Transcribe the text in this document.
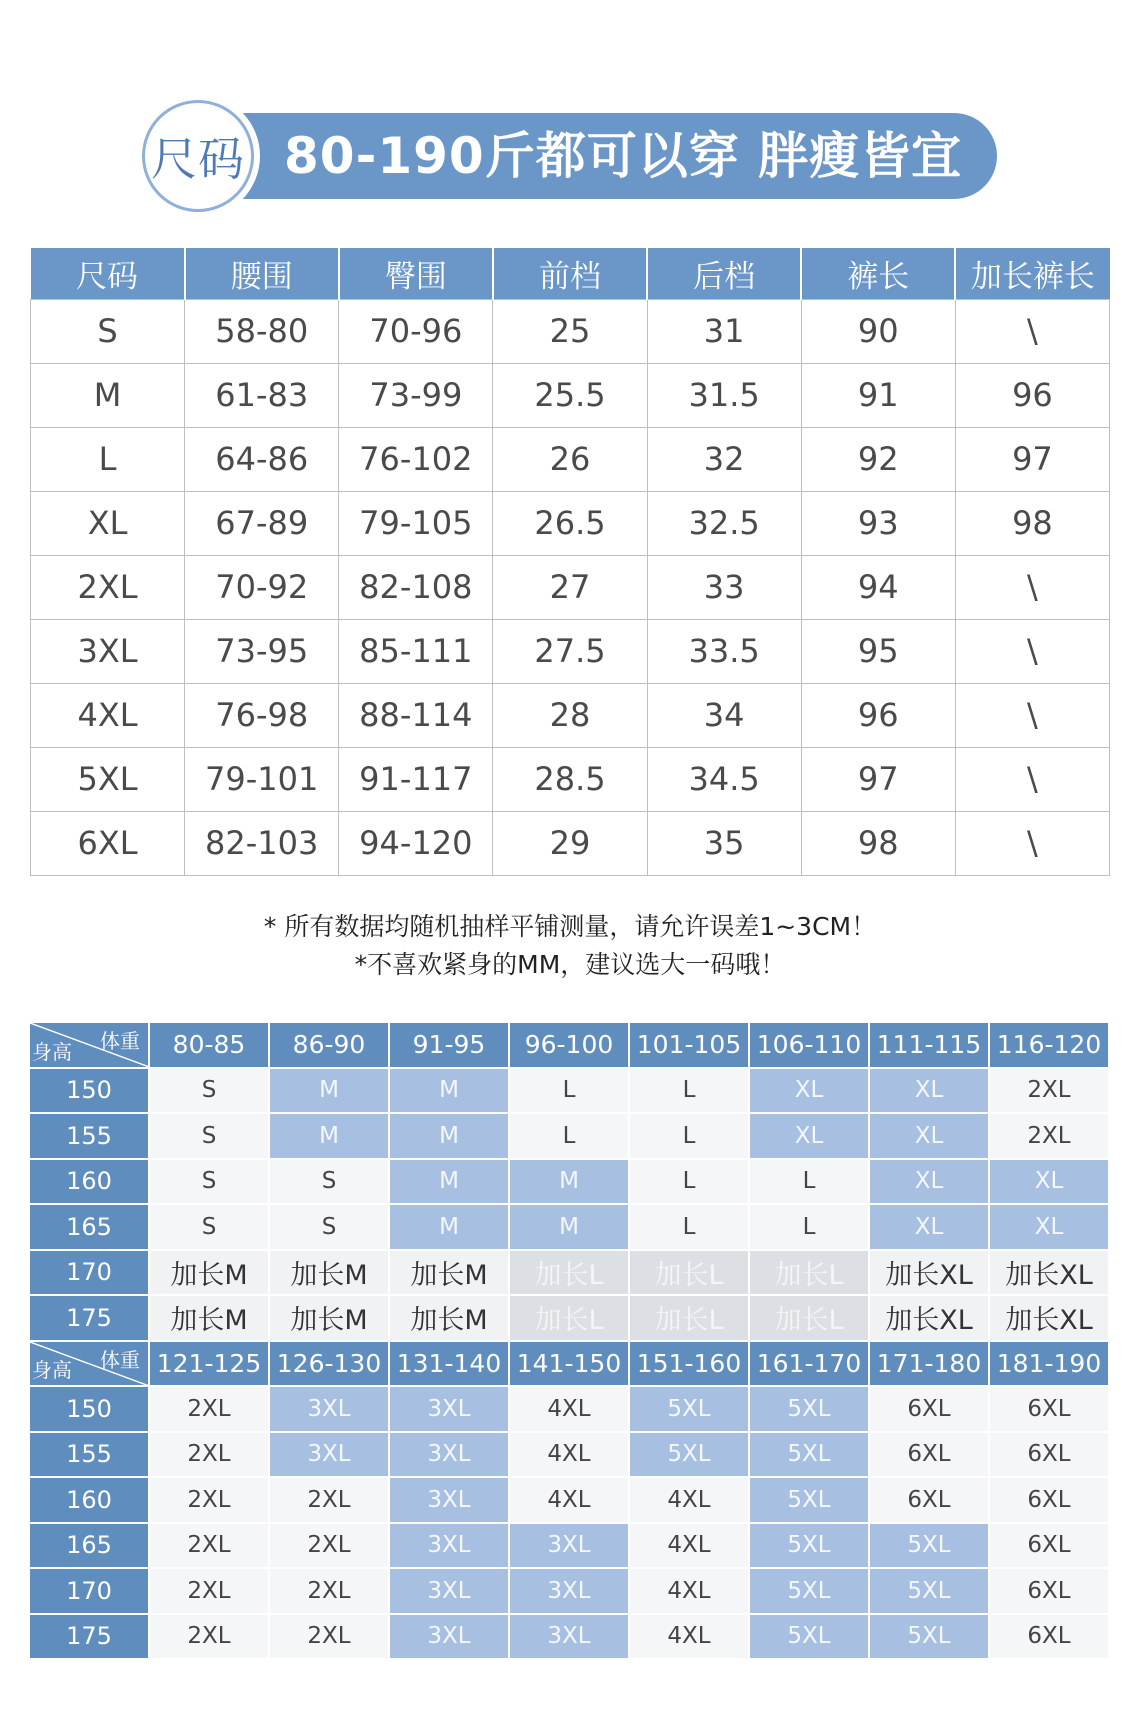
尺码 80-190斤都可以穿 胖瘦皆宜
尺码	腰围	臀围	前档	后档	裤长	加长裤长
S	58-80	70-96	25	31	90	\
M	61-83	73-99	25.5	31.5	91	96
L	64-86	76-102	26	32	92	97
XL	67-89	79-105	26.5	32.5	93	98
2XL	70-92	82-108	27	33	94	\
3XL	73-95	85-111	27.5	33.5	95	\
4XL	76-98	88-114	28	34	96	\
5XL	79-101	91-117	28.5	34.5	97	\
6XL	82-103	94-120	29	35	98	\
* 所有数据均随机抽样平铺测量，请允许误差1~3CM！
*不喜欢紧身的MM，建议选大一码哦！
体重
身高	80-85	86-90	91-95	96-100	101-105	106-110	111-115	116-120
150	S	M	M	L	L	XL	XL	2XL
155	S	M	M	L	L	XL	XL	2XL
160	S	S	M	M	L	L	XL	XL
165	S	S	M	M	L	L	XL	XL
170	加长M	加长M	加长M	加长L	加长L	加长L	加长XL	加长XL
175	加长M	加长M	加长M	加长L	加长L	加长L	加长XL	加长XL

体重
身高	121-125	126-130	131-140	141-150	151-160	161-170	171-180	181-190
150	2XL	3XL	3XL	4XL	5XL	5XL	6XL	6XL
155	2XL	3XL	3XL	4XL	5XL	5XL	6XL	6XL
160	2XL	2XL	3XL	4XL	4XL	5XL	6XL	6XL
165	2XL	2XL	3XL	3XL	4XL	5XL	5XL	6XL
170	2XL	2XL	3XL	3XL	4XL	5XL	5XL	6XL
175	2XL	2XL	3XL	3XL	4XL	5XL	5XL	6XL
